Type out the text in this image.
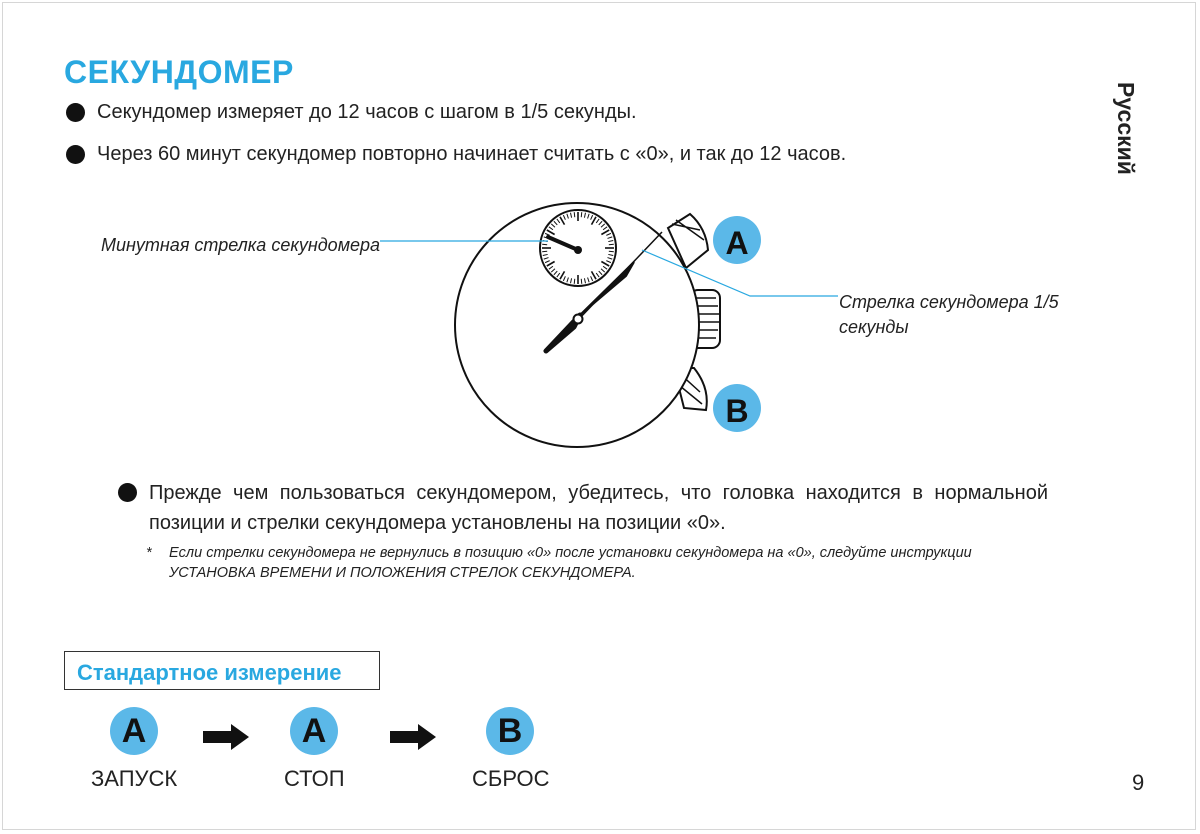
СЕКУНДОМЕР
Русский
Секундомер измеряет до 12 часов с шагом в 1/5 секунды.
Через 60 минут секундомер повторно начинает считать с «0», и так до 12 часов.
A
B
Минутная стрелка секундомера
Стрелка секундомера 1/5 секунды
Прежде чем пользоваться секундомером, убедитесь, что головка находится в нормальной позиции и стрелки секундомера установлены на позиции «0».
* Если стрелки секундомера не вернулись в позицию «0» после установки секундомера на «0», следуйте инструкции УСТАНОВКА ВРЕМЕНИ И ПОЛОЖЕНИЯ СТРЕЛОК СЕКУНДОМЕРА.
Стандартное измерение
A	A	B
ЗАПУСК	СТОП	СБРОС	9
